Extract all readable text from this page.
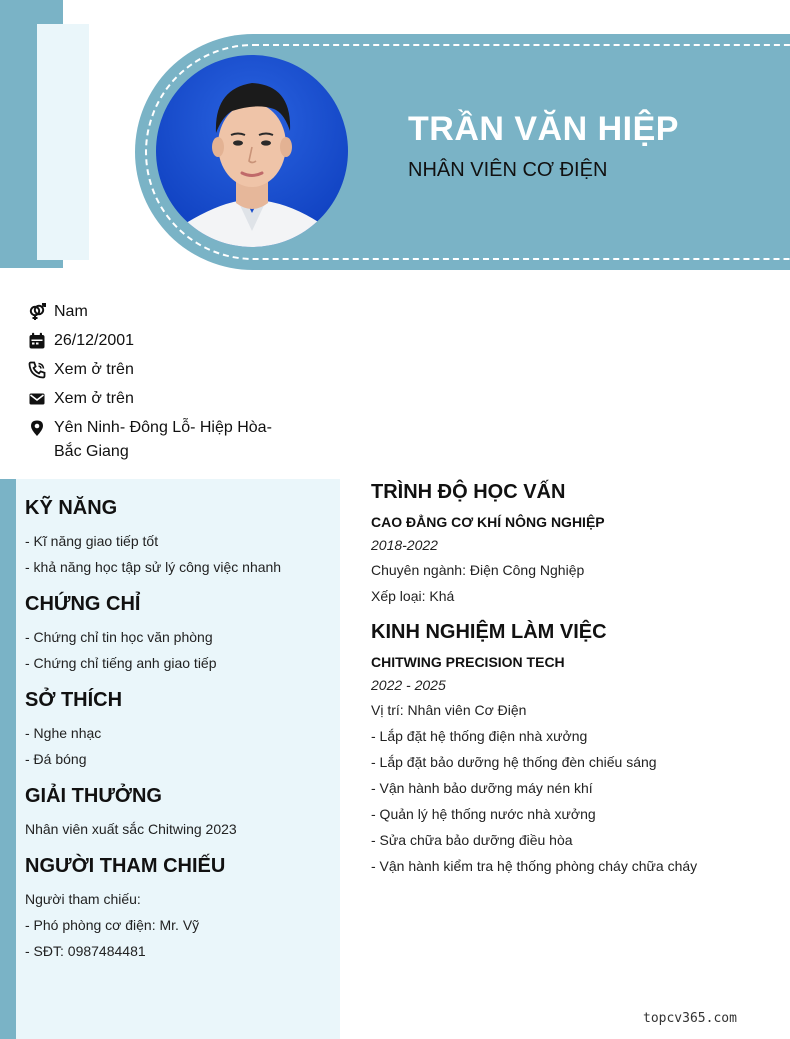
TRẦN VĂN HIỆP
NHÂN VIÊN CƠ ĐIỆN
Nam
26/12/2001
Xem ở trên
Xem ở trên
Yên Ninh- Đông Lỗ- Hiệp Hòa- Bắc Giang
KỸ NĂNG
- Kĩ năng giao tiếp tốt
- khả năng học tập sử lý công việc nhanh
CHỨNG CHỈ
- Chứng chỉ tin học văn phòng
- Chứng chỉ tiếng anh giao tiếp
SỞ THÍCH
- Nghe nhạc
- Đá bóng
GIẢI THƯỞNG
Nhân viên xuất sắc Chitwing 2023
NGƯỜI THAM CHIẾU
Người tham chiếu:
- Phó phòng cơ điện: Mr. Vỹ
- SĐT: 0987484481
TRÌNH ĐỘ HỌC VẤN
CAO ĐẲNG CƠ KHÍ NÔNG NGHIỆP
2018-2022
Chuyên ngành: Điện Công Nghiệp
Xếp loại: Khá
KINH NGHIỆM LÀM VIỆC
CHITWING PRECISION TECH
2022 - 2025
Vị trí: Nhân viên Cơ Điện
- Lắp đặt hệ thống điện nhà xưởng
- Lắp đặt bảo dưỡng hệ thống đèn chiếu sáng
- Vận hành bảo dưỡng máy nén khí
- Quản lý hệ thống nước nhà xưởng
- Sửa chữa bảo dưỡng điều hòa
- Vận hành kiểm tra hệ thống phòng cháy chữa cháy
topcv365.com
